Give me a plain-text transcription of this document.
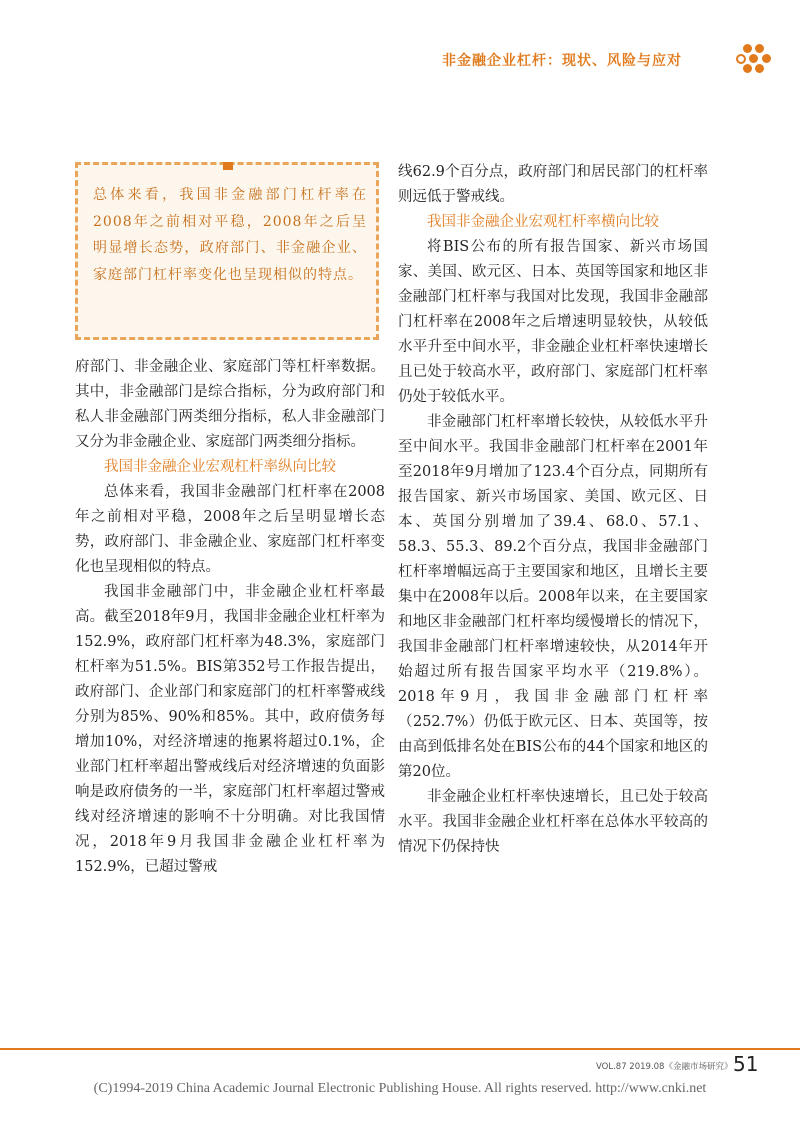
非金融企业杠杆：现状、风险与应对

总体来看，我国非金融部门杠杆率在2008年之前相对平稳，2008年之后呈明显增长态势，政府部门、非金融企业、家庭部门杠杆率变化也呈现相似的特点。

府部门、非金融企业、家庭部门等杠杆率数据。其中，非金融部门是综合指标，分为政府部门和私人非金融部门两类细分指标，私人非金融部门又分为非金融企业、家庭部门两类细分指标。

我国非金融企业宏观杠杆率纵向比较

总体来看，我国非金融部门杠杆率在2008年之前相对平稳，2008年之后呈明显增长态势，政府部门、非金融企业、家庭部门杠杆率变化也呈现相似的特点。

我国非金融部门中，非金融企业杠杆率最高。截至2018年9月，我国非金融企业杠杆率为152.9%，政府部门杠杆率为48.3%，家庭部门杠杆率为51.5%。BIS第352号工作报告提出，政府部门、企业部门和家庭部门的杠杆率警戒线分别为85%、90%和85%。其中，政府债务每增加10%，对经济增速的拖累将超过0.1%，企业部门杠杆率超出警戒线后对经济增速的负面影响是政府债务的一半，家庭部门杠杆率超过警戒线对经济增速的影响不十分明确。对比我国情况，2018年9月我国非金融企业杠杆率为152.9%，已超过警戒

线62.9个百分点，政府部门和居民部门的杠杆率则远低于警戒线。

我国非金融企业宏观杠杆率横向比较

将BIS公布的所有报告国家、新兴市场国家、美国、欧元区、日本、英国等国家和地区非金融部门杠杆率与我国对比发现，我国非金融部门杠杆率在2008年之后增速明显较快，从较低水平升至中间水平，非金融企业杠杆率快速增长且已处于较高水平，政府部门、家庭部门杠杆率仍处于较低水平。

非金融部门杠杆率增长较快，从较低水平升至中间水平。我国非金融部门杠杆率在2001年至2018年9月增加了123.4个百分点，同期所有报告国家、新兴市场国家、美国、欧元区、日本、英国分别增加了39.4、68.0、57.1、58.3、55.3、89.2个百分点，我国非金融部门杠杆率增幅远高于主要国家和地区，且增长主要集中在2008年以后。2008年以来，在主要国家和地区非金融部门杠杆率均缓慢增长的情况下，我国非金融部门杠杆率增速较快，从2014年开始超过所有报告国家平均水平（219.8%）。2018年9月，我国非金融部门杠杆率（252.7%）仍低于欧元区、日本、英国等，按由高到低排名处在BIS公布的44个国家和地区的第20位。

非金融企业杠杆率快速增长，且已处于较高水平。我国非金融企业杠杆率在总体水平较高的情况下仍保持快

VOL.87 2019.08《金融市场研究》 51
(C)1994-2019 China Academic Journal Electronic Publishing House. All rights reserved. http://www.cnki.net
